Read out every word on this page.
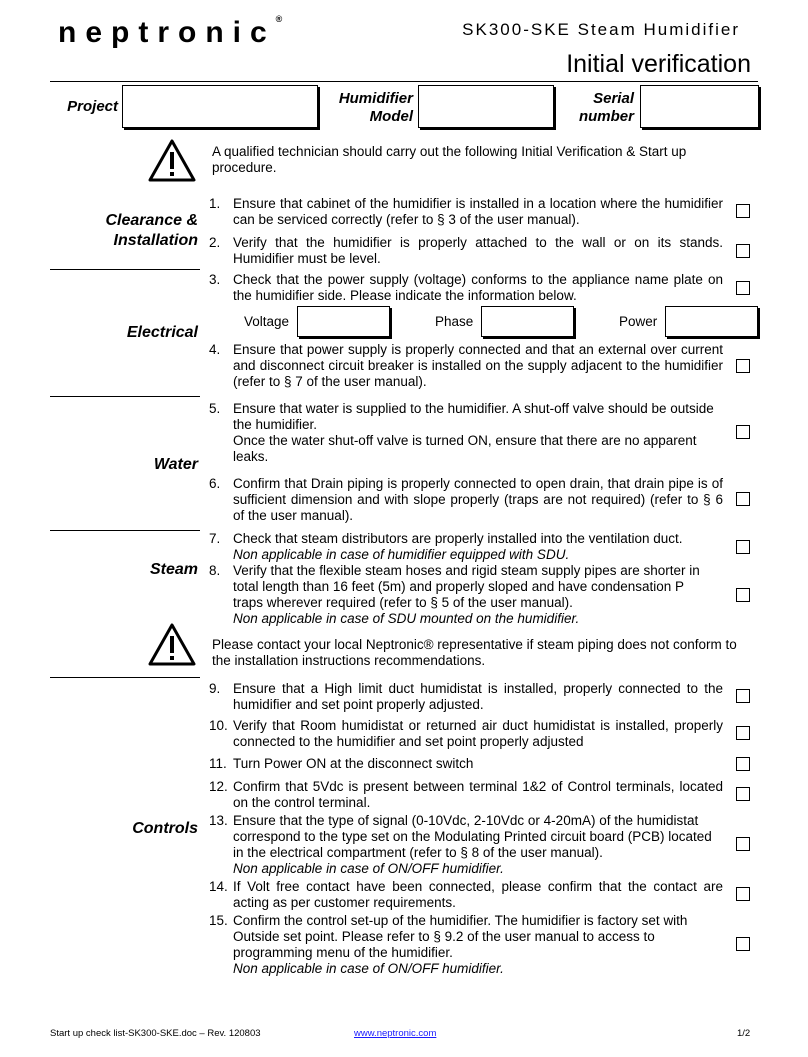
neptronic®
SK300-SKE Steam Humidifier
Initial verification
Project	Humidifier
Model
Serial
number
A qualified technician should carry out the following Initial Verification & Start up procedure.
Clearance &
Installation
1. Ensure that cabinet of the humidifier is installed in a location where the humidifier can be serviced correctly (refer to § 3 of the user manual).
2. Verify that the humidifier is properly attached to the wall or on its stands. Humidifier must be level.
Electrical
3. Check that the power supply (voltage) conforms to the appliance name plate on the humidifier side. Please indicate the information below.
Voltage	Phase	Power
4. Ensure that power supply is properly connected and that an external over current and disconnect circuit breaker is installed on the supply adjacent to the humidifier (refer to § 7 of the user manual).
Water
5. Ensure that water is supplied to the humidifier. A shut-off valve should be outside the humidifier.
Once the water shut-off valve is turned ON, ensure that there are no apparent leaks.
6. Confirm that Drain piping is properly connected to open drain, that drain pipe is of sufficient dimension and with slope properly (traps are not required) (refer to § 6 of the user manual).
Steam
7. Check that steam distributors are properly installed into the ventilation duct.
Non applicable in case of humidifier equipped with SDU.
8. Verify that the flexible steam hoses and rigid steam supply pipes are shorter in total length than 16 feet (5m) and properly sloped and have condensation P traps wherever required (refer to § 5 of the user manual).
Non applicable in case of SDU mounted on the humidifier.
Please contact your local Neptronic® representative if steam piping does not conform to the installation instructions recommendations.
Controls
9. Ensure that a High limit duct humidistat is installed, properly connected to the humidifier and set point properly adjusted.
10. Verify that Room humidistat or returned air duct humidistat is installed, properly connected to the humidifier and set point properly adjusted
11. Turn Power ON at the disconnect switch
12. Confirm that 5Vdc is present between terminal 1&2 of Control terminals, located on the control terminal.
13. Ensure that the type of signal (0-10Vdc, 2-10Vdc or 4-20mA) of the humidistat correspond to the type set on the Modulating Printed circuit board (PCB) located in the electrical compartment (refer to § 8 of the user manual).
Non applicable in case of ON/OFF humidifier.
14. If Volt free contact have been connected, please confirm that the contact are acting as per customer requirements.
15. Confirm the control set-up of the humidifier. The humidifier is factory set with Outside set point. Please refer to § 9.2 of the user manual to access to programming menu of the humidifier.
Non applicable in case of ON/OFF humidifier.
Start up check list-SK300-SKE.doc – Rev. 120803	www.neptronic.com	1/2
